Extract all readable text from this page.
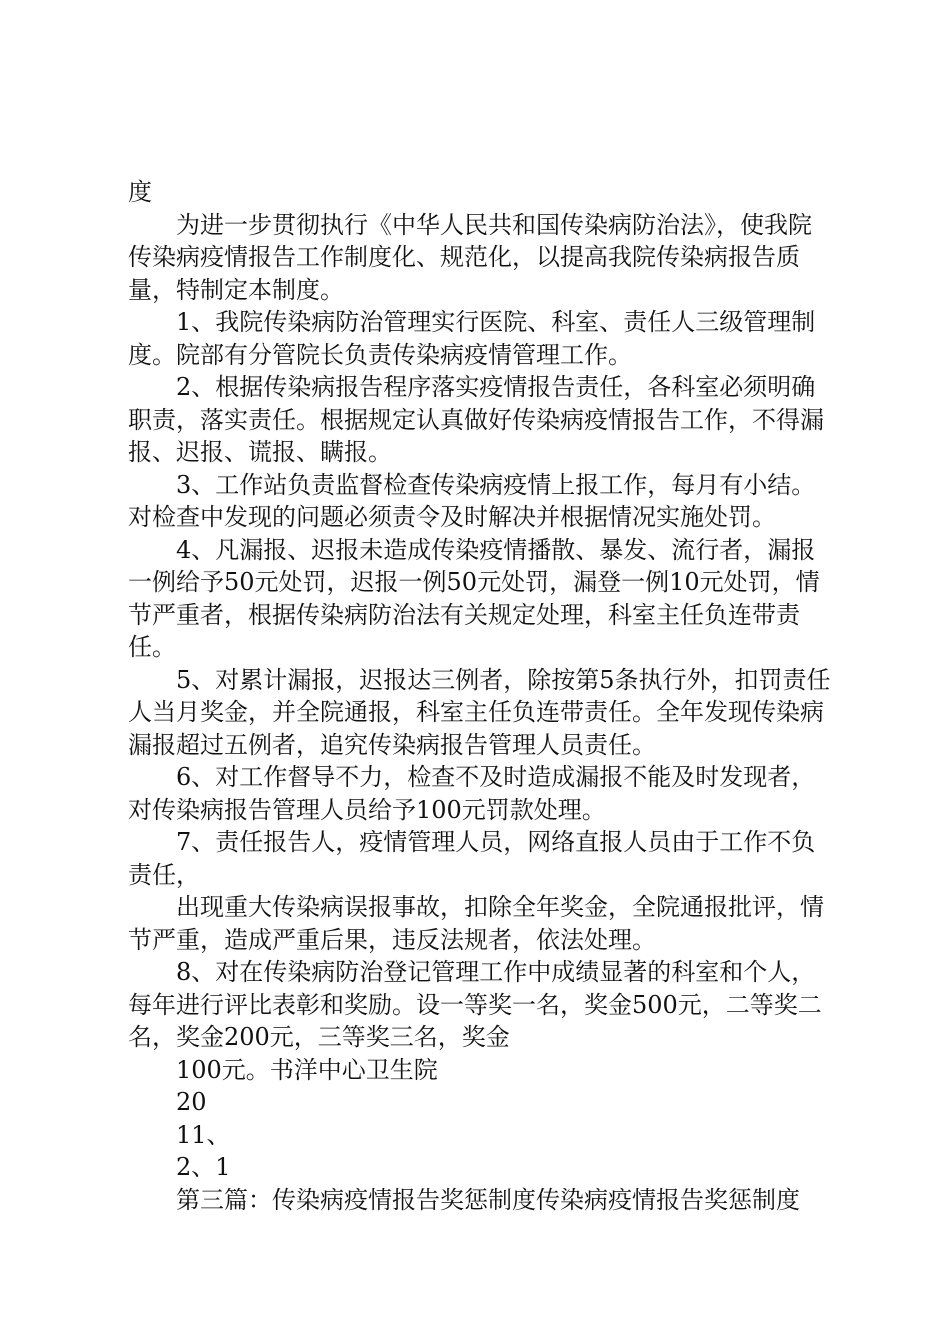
度

为进一步贯彻执行《中华人民共和国传染病防治法》，使我院传染病疫情报告工作制度化、规范化，以提高我院传染病报告质量，特制定本制度。

1、我院传染病防治管理实行医院、科室、责任人三级管理制度。院部有分管院长负责传染病疫情管理工作。

2、根据传染病报告程序落实疫情报告责任，各科室必须明确职责，落实责任。根据规定认真做好传染病疫情报告工作，不得漏报、迟报、谎报、瞒报。

3、工作站负责监督检查传染病疫情上报工作，每月有小结。对检查中发现的问题必须责令及时解决并根据情况实施处罚。

4、凡漏报、迟报未造成传染疫情播散、暴发、流行者，漏报一例给予50元处罚，迟报一例50元处罚，漏登一例10元处罚，情节严重者，根据传染病防治法有关规定处理，科室主任负连带责任。

5、对累计漏报，迟报达三例者，除按第5条执行外，扣罚责任人当月奖金，并全院通报，科室主任负连带责任。全年发现传染病漏报超过五例者，追究传染病报告管理人员责任。

6、对工作督导不力，检查不及时造成漏报不能及时发现者，对传染病报告管理人员给予100元罚款处理。

7、责任报告人，疫情管理人员，网络直报人员由于工作不负责任，

出现重大传染病误报事故，扣除全年奖金，全院通报批评，情节严重，造成严重后果，违反法规者，依法处理。

8、对在传染病防治登记管理工作中成绩显著的科室和个人，每年进行评比表彰和奖励。设一等奖一名，奖金500元，二等奖二名，奖金200元，三等奖三名，奖金

100元。书洋中心卫生院

20

11、

2、1

第三篇：传染病疫情报告奖惩制度传染病疫情报告奖惩制度
